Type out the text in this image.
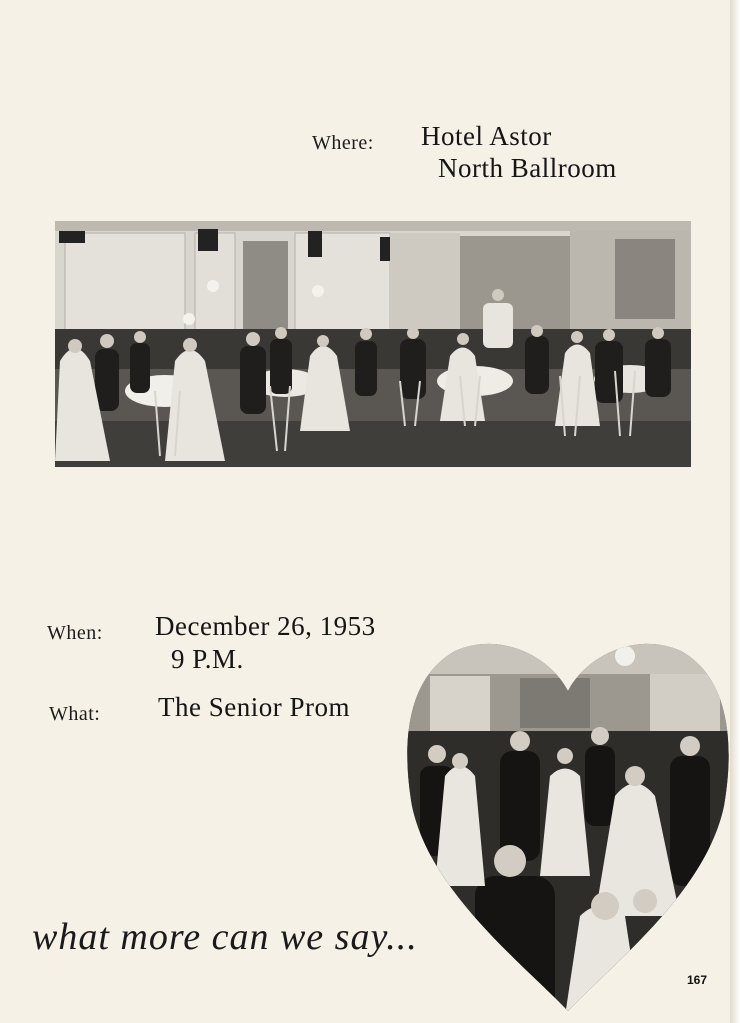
Where: Hotel Astor
North Ballroom
When: December 26, 1953
9 P.M.
What: The Senior Prom
what more can we say...
167
